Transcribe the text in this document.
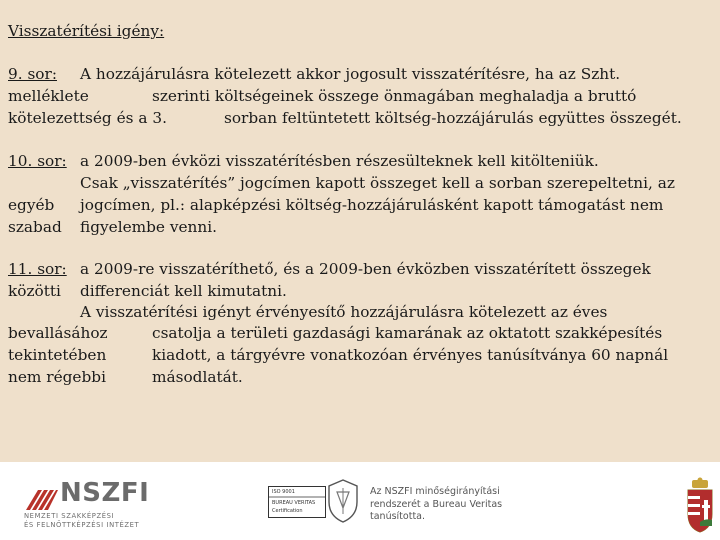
Visszatérítési igény:
9. sor: A hozzájárulásra kötelezett akkor jogosult visszatérítésre, ha az Szht.
melléklete	szerinti költségeinek összege önmagában meghaladja a bruttó
kötelezettség és a 3.	sorban feltüntetett költség-hozzájárulás együttes összegét.
10. sor: a 2009-ben évközi visszatérítésben részesülteknek kell kitölteniük.
Csak „visszatérítés” jogcímen kapott összeget kell a sorban szerepeltetni, az
egyéb jogcímen, pl.: alapképzési költség-hozzájárulásként kapott támogatást nem
szabad figyelembe venni.
11. sor: a 2009-re visszatéríthető, és a 2009-ben évközben visszatérített összegek
közötti differenciát kell kimutatni.
A visszatérítési igényt érvényesítő hozzájárulásra kötelezett az éves
bevallásához	csatolja a területi gazdasági kamarának az oktatott szakképesítés
tekintetében	kiadott, a tárgyévre vonatkozóan érvényes tanúsítványa 60 napnál
nem régebbi	másodlatát.
NSZFI
NEMZETI SZAKKÉPZÉSI
ÉS FELNŐTTKÉPZÉSI INTÉZET
ISO 9001
BUREAU VERITAS
Certification
Az NSZFI minőségirányítási
rendszerét a Bureau Veritas
tanúsította.
